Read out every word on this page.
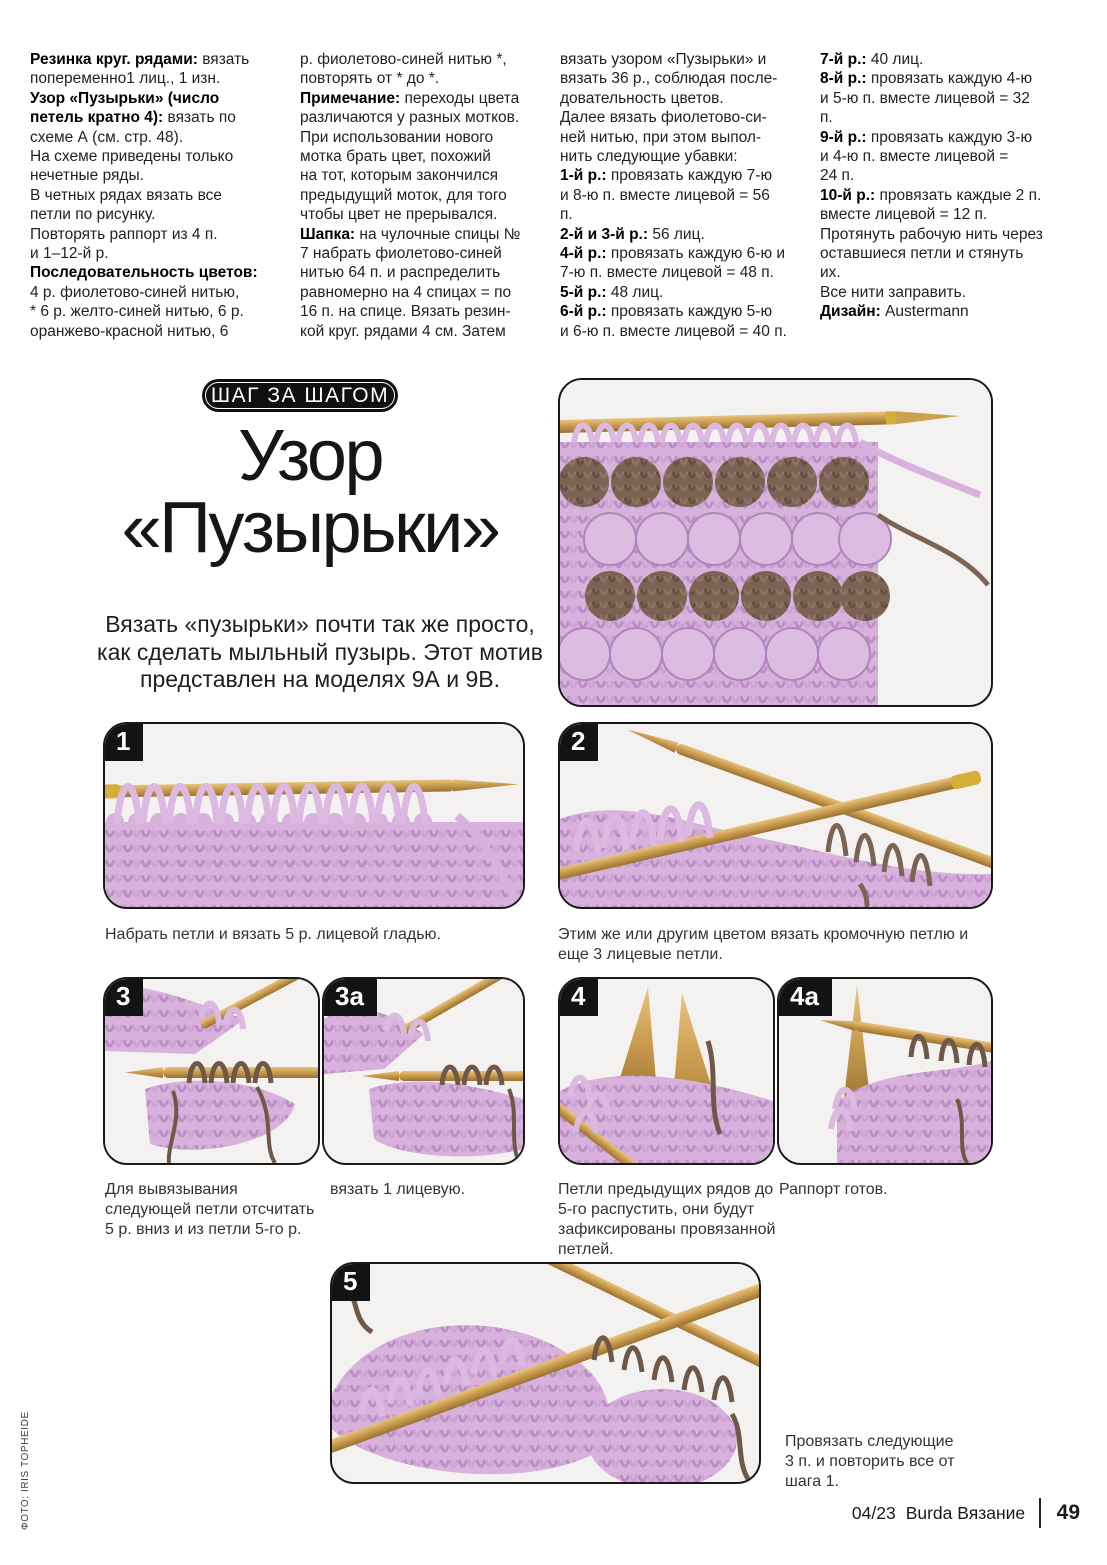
Резинка круг. рядами: вязать
попеременно1 лиц., 1 изн.
Узор «Пузырьки» (число
петель кратно 4): вязать по
схеме А (см. стр. 48).
На схеме приведены только
нечетные ряды.
В четных рядах вязать все
петли по рисунку.
Повторять раппорт из 4 п.
и 1–12-й р.
Последовательность цветов:
4 р. фиолетово-синей нитью,
* 6 р. желто-синей нитью, 6 р.
оранжево-красной нитью, 6
р. фиолетово-синей нитью *,
повторять от * до *.
Примечание: переходы цвета
различаются у разных мотков.
При использовании нового
мотка брать цвет, похожий
на тот, которым закончился
предыдущий моток, для того
чтобы цвет не прерывался.
Шапка: на чулочные спицы №
7 набрать фиолетово-синей
нитью 64 п. и распределить
равномерно на 4 спицах = по
16 п. на спице. Вязать резин-
кой круг. рядами 4 см. Затем
вязать узором «Пузырьки» и
вязать 36 р., соблюдая после-
довательность цветов.
Далее вязать фиолетово-си-
ней нитью, при этом выпол-
нить следующие убавки:
1-й р.: провязать каждую 7-ю
и 8-ю п. вместе лицевой = 56
п.
2-й и 3-й р.: 56 лиц.
4-й р.: провязать каждую 6-ю и
7-ю п. вместе лицевой = 48 п.
5-й р.: 48 лиц.
6-й р.: провязать каждую 5-ю
и 6-ю п. вместе лицевой = 40 п.
7-й р.: 40 лиц.
8-й р.: провязать каждую 4-ю
и 5-ю п. вместе лицевой = 32
п.
9-й р.: провязать каждую 3-ю
и 4-ю п. вместе лицевой =
24 п.
10-й р.: провязать каждые 2 п.
вместе лицевой = 12 п.
Протянуть рабочую нить через
оставшиеся петли и стянуть
их.
Все нити заправить.
Дизайн: Austermann
ШАГ ЗА ШАГОМ
Узор
«Пузырьки»

Вязать «пузырьки» почти так же просто, как сделать мыльный пузырь. Этот мотив представлен на моделях 9А и 9В.

1	2
3	3a	4	4a
5
Набрать петли и вязать 5 р. лицевой гладью.	Этим же или другим цветом вязать кромочную петлю и еще 3 лицевые петли.
Для вывязывания следующей петли отсчитать 5 р. вниз и из петли 5-го р.
вязать 1 лицевую.	Петли предыдущих рядов до 5-го распустить, они будут зафиксированы провязанной петлей.
Раппорт готов.
Провязать следующие 3 п. и повторить все от шага 1.
04/23 Burda Вязание 49
ФОТО: IRIS TOPHEIDE
